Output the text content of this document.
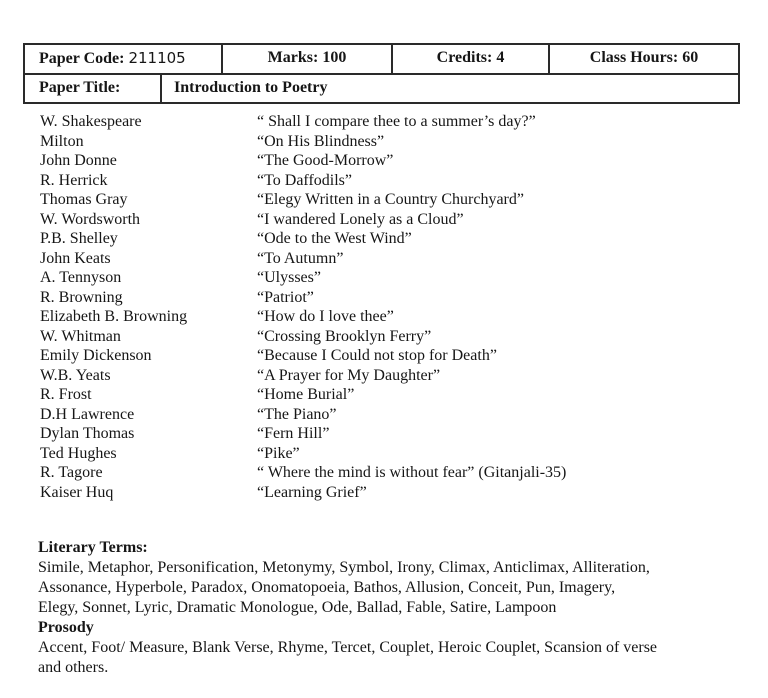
Paper Code: 211105	Marks: 100	Credits: 4	Class Hours: 60
Paper Title:	Introduction to Poetry
W. Shakespeare	“ Shall I compare thee to a summer’s day?”
Milton	“On His Blindness”
John Donne	“The Good-Morrow”
R. Herrick	“To Daffodils”
Thomas Gray	“Elegy Written in a Country Churchyard”
W. Wordsworth	“I wandered Lonely as a Cloud”
P.B. Shelley	“Ode to the West Wind”
John Keats	“To Autumn”
A. Tennyson	“Ulysses”
R. Browning	“Patriot”
Elizabeth B. Browning	“How do I love thee”
W. Whitman	“Crossing Brooklyn Ferry”
Emily Dickenson	“Because I Could not stop for Death”
W.B. Yeats	“A Prayer for My Daughter”
R. Frost	“Home Burial”
D.H Lawrence	“The Piano”
Dylan Thomas	“Fern Hill”
Ted Hughes	“Pike”
R. Tagore	“ Where the mind is without fear” (Gitanjali-35)
Kaiser Huq	“Learning Grief”
Literary Terms:
Simile, Metaphor, Personification, Metonymy, Symbol, Irony, Climax, Anticlimax, Alliteration,
Assonance, Hyperbole, Paradox, Onomatopoeia, Bathos, Allusion, Conceit, Pun, Imagery,
Elegy, Sonnet, Lyric, Dramatic Monologue, Ode, Ballad, Fable, Satire, Lampoon
Prosody
Accent, Foot/ Measure, Blank Verse, Rhyme, Tercet, Couplet, Heroic Couplet, Scansion of verse
and others.
